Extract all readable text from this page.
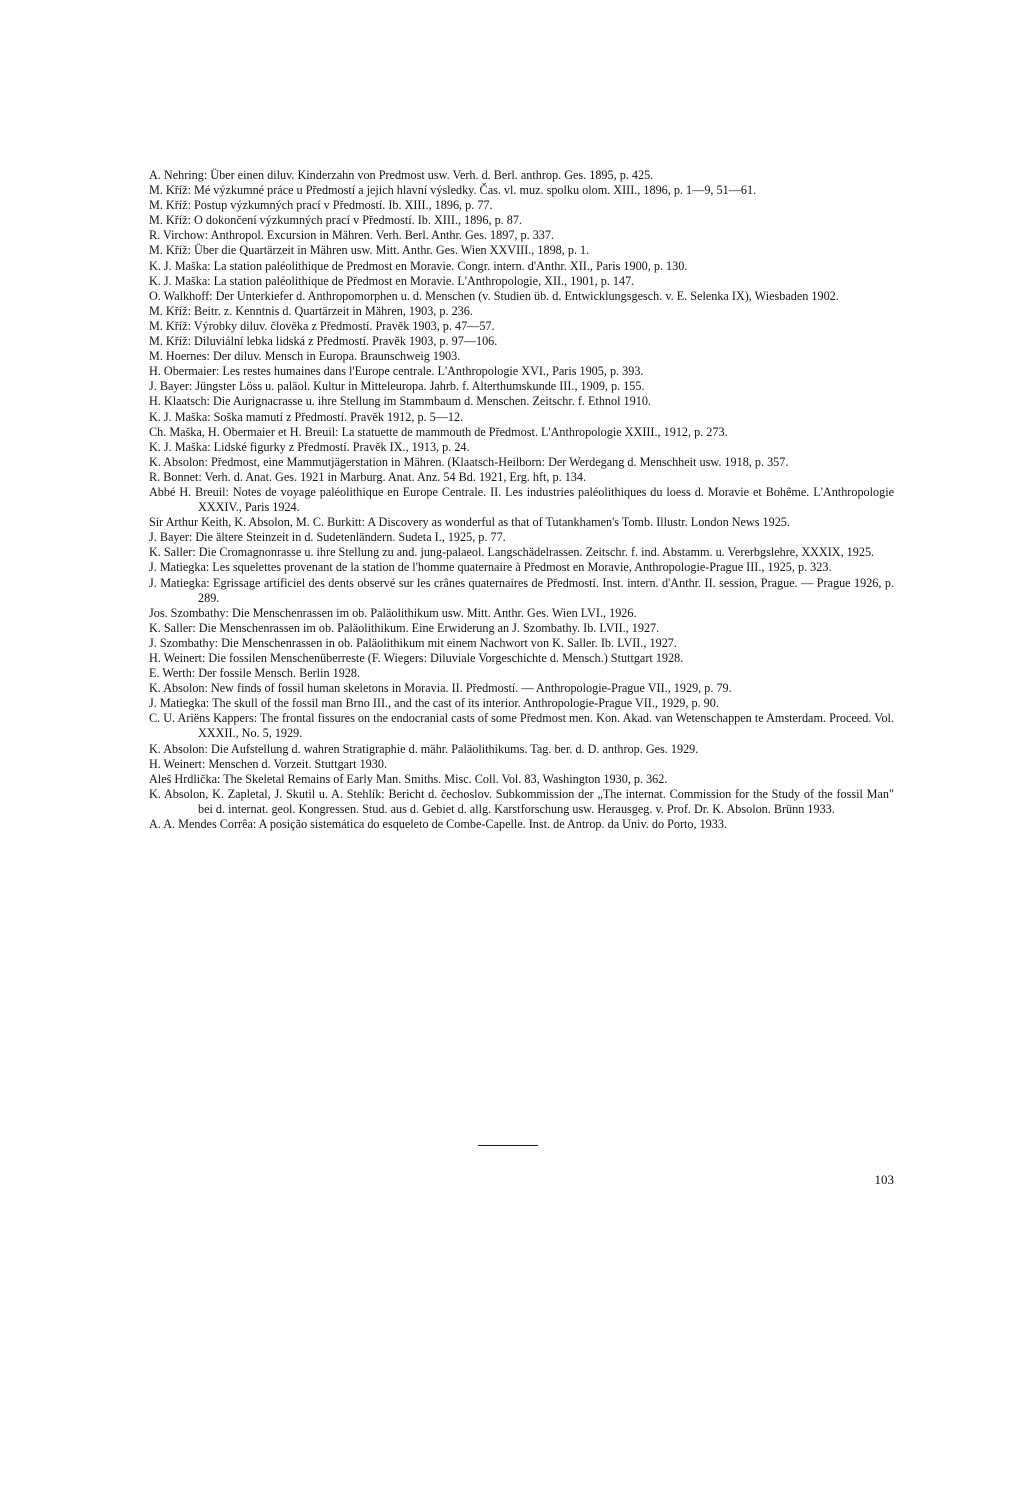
A. Nehring: Über einen diluv. Kinderzahn von Predmost usw. Verh. d. Berl. anthrop. Ges. 1895, p. 425.
M. Kříž: Mé výzkumné práce u Předmostí a jejich hlavní výsledky. Čas. vl. muz. spolku olom. XIII., 1896, p. 1—9, 51—61.
M. Kříž: Postup výzkumných prací v Předmostí. Ib. XIII., 1896, p. 77.
M. Kříž: O dokončení výzkumných prací v Předmostí. Ib. XIII., 1896, p. 87.
R. Virchow: Anthropol. Excursion in Mähren. Verh. Berl. Anthr. Ges. 1897, p. 337.
M. Kříž: Über die Quartärzeit in Mähren usw. Mitt. Anthr. Ges. Wien XXVIII., 1898, p. 1.
K. J. Maška: La station paléolithique de Predmost en Moravie. Congr. intern. d'Anthr. XII., Paris 1900, p. 130.
K. J. Maška: La station paléolithique de Předmost en Moravie. L'Anthropologie, XII., 1901, p. 147.
O. Walkhoff: Der Unterkiefer d. Anthropomorphen u. d. Menschen (v. Studien üb. d. Entwicklungsgesch. v. E. Selenka IX), Wiesbaden 1902.
M. Kříž: Beitr. z. Kenntnis d. Quartärzeit in Mähren, 1903, p. 236.
M. Kříž: Výrobky diluv. člověka z Předmostí. Pravěk 1903, p. 47—57.
M. Kříž: Diluviální lebka lidská z Předmostí. Pravěk 1903, p. 97—106.
M. Hoernes: Der diluv. Mensch in Europa. Braunschweig 1903.
H. Obermaier: Les restes humaines dans l'Europe centrale. L'Anthropologie XVI., Paris 1905, p. 393.
J. Bayer: Jüngster Löss u. paläol. Kultur in Mitteleuropa. Jahrb. f. Alterthumskunde III., 1909, p. 155.
H. Klaatsch: Die Aurignacrasse u. ihre Stellung im Stammbaum d. Menschen. Zeitschr. f. Ethnol 1910.
K. J. Maška: Soška mamutí z Předmostí. Pravěk 1912, p. 5—12.
Ch. Maška, H. Obermaier et H. Breuil: La statuette de mammouth de Předmost. L'Anthropologie XXIII., 1912, p. 273.
K. J. Maška: Lidské figurky z Předmostí. Pravěk IX., 1913, p. 24.
K. Absolon: Předmost, eine Mammutjägerstation in Mähren. (Klaatsch-Heilborn: Der Werdegang d. Menschheit usw. 1918, p. 357.
R. Bonnet: Verh. d. Anat. Ges. 1921 in Marburg. Anat. Anz. 54 Bd. 1921, Erg. hft, p. 134.
Abbé H. Breuil: Notes de voyage paléolithique en Europe Centrale. II. Les industries paléolithiques du loess d. Moravie et Bohême. L'Anthropologie XXXIV., Paris 1924.
Sir Arthur Keith, K. Absolon, M. C. Burkitt: A Discovery as wonderful as that of Tutankhamen's Tomb. Illustr. London News 1925.
J. Bayer: Die ältere Steinzeit in d. Sudetenländern. Sudeta I., 1925, p. 77.
K. Saller: Die Cromagnonrasse u. ihre Stellung zu and. jung-palaeol. Langschädelrassen. Zeitschr. f. ind. Abstamm. u. Vererbgslehre, XXXIX, 1925.
J. Matiegka: Les squelettes provenant de la station de l'homme quaternaire à Předmost en Moravie, Anthropologie-Prague III., 1925, p. 323.
J. Matiegka: Egrissage artificiel des dents observé sur les crânes quaternaires de Předmostí. Inst. intern. d'Anthr. II. session, Prague. — Prague 1926, p. 289.
Jos. Szombathy: Die Menschenrassen im ob. Paläolithikum usw. Mitt. Anthr. Ges. Wien LVI., 1926.
K. Saller: Die Menschenrassen im ob. Paläolithikum. Eine Erwiderung an J. Szombathy. Ib. LVII., 1927.
J. Szombathy: Die Menschenrassen in ob. Paläolithikum mit einem Nachwort von K. Saller. Ib. LVII., 1927.
H. Weinert: Die fossilen Menschenüberreste (F. Wiegers: Diluviale Vorgeschichte d. Mensch.) Stuttgart 1928.
E. Werth: Der fossile Mensch. Berlin 1928.
K. Absolon: New finds of fossil human skeletons in Moravia. II. Předmostí. — Anthropologie-Prague VII., 1929, p. 79.
J. Matiegka: The skull of the fossil man Brno III., and the cast of its interior. Anthropologie-Prague VII., 1929, p. 90.
C. U. Ariëns Kappers: The frontal fissures on the endocranial casts of some Předmost men. Kon. Akad. van Wetenschappen te Amsterdam. Proceed. Vol. XXXII., No. 5, 1929.
K. Absolon: Die Aufstellung d. wahren Stratigraphie d. mähr. Paläolithikums. Tag. ber. d. D. anthrop. Ges. 1929.
H. Weinert: Menschen d. Vorzeit. Stuttgart 1930.
Aleš Hrdlička: The Skeletal Remains of Early Man. Smiths. Misc. Coll. Vol. 83, Washington 1930, p. 362.
K. Absolon, K. Zapletal, J. Skutil u. A. Stehlík: Bericht d. čechoslov. Subkommission der „The internat. Commission for the Study of the fossil Man" bei d. internat. geol. Kongressen. Stud. aus d. Gebiet d. allg. Karstforschung usw. Herausgeg. v. Prof. Dr. K. Absolon. Brünn 1933.
A. A. Mendes Corrêa: A posição sistemática do esqueleto de Combe-Capelle. Inst. de Antrop. da Univ. do Porto, 1933.
103
